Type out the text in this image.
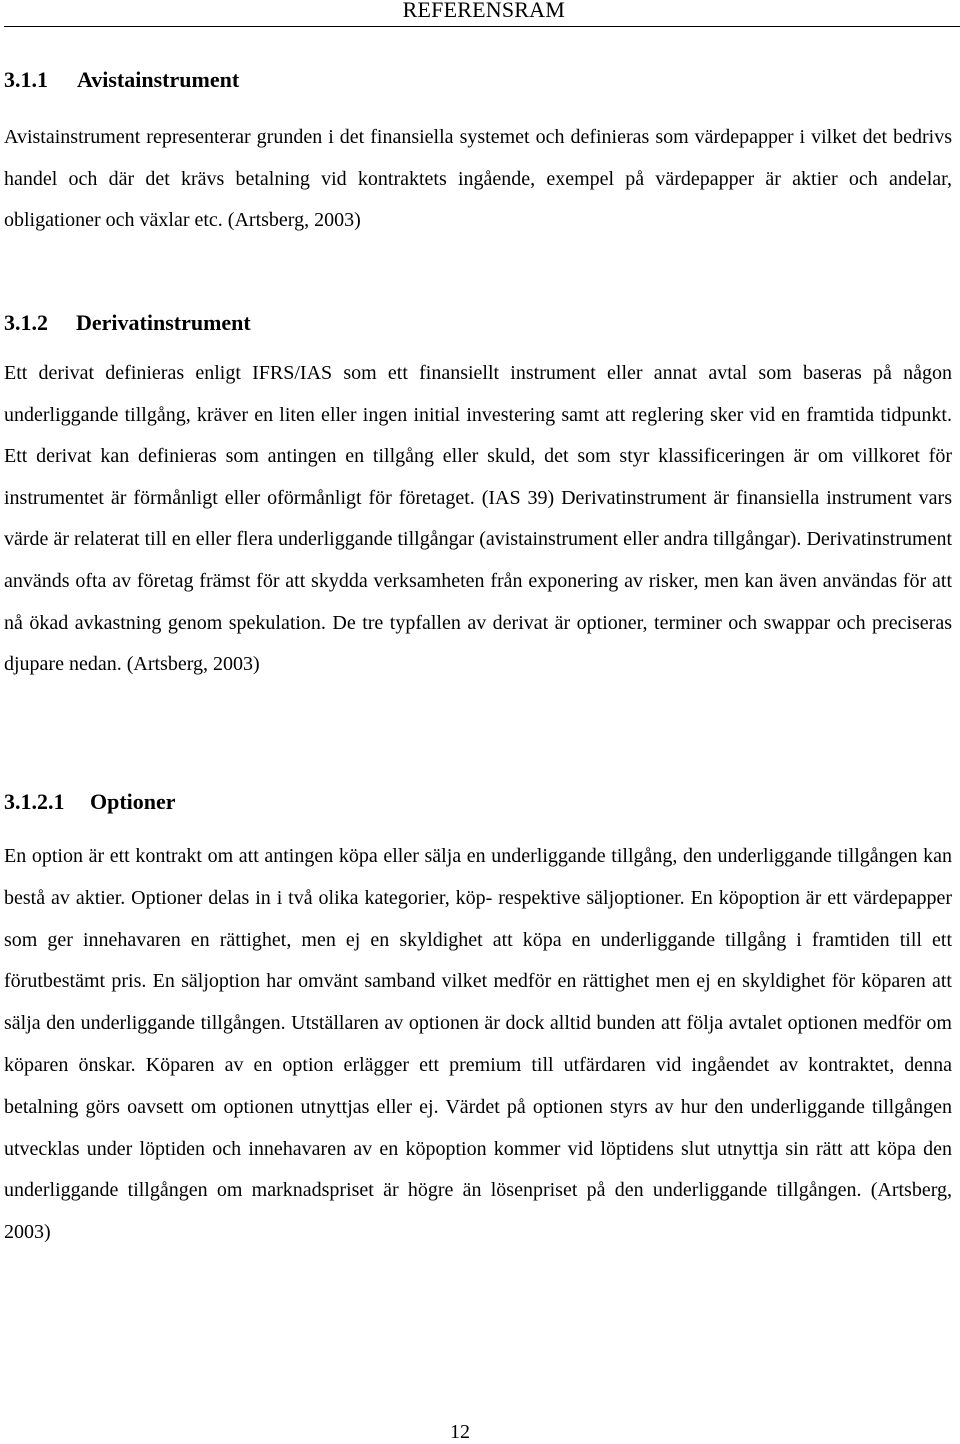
REFERENSRAM
3.1.1 Avistainstrument

Avistainstrument representerar grunden i det finansiella systemet och definieras som värdepapper i vilket det bedrivs handel och där det krävs betalning vid kontraktets ingående, exempel på värdepapper är aktier och andelar, obligationer och växlar etc. (Artsberg, 2003)

3.1.2 Derivatinstrument

Ett derivat definieras enligt IFRS/IAS som ett finansiellt instrument eller annat avtal som baseras på någon underliggande tillgång, kräver en liten eller ingen initial investering samt att reglering sker vid en framtida tidpunkt. Ett derivat kan definieras som antingen en tillgång eller skuld, det som styr klassificeringen är om villkoret för instrumentet är förmånligt eller oförmånligt för företaget. (IAS 39) Derivatinstrument är finansiella instrument vars värde är relaterat till en eller flera underliggande tillgångar (avistainstrument eller andra tillgångar). Derivatinstrument används ofta av företag främst för att skydda verksamheten från exponering av risker, men kan även användas för att nå ökad avkastning genom spekulation. De tre typfallen av derivat är optioner, terminer och swappar och preciseras djupare nedan. (Artsberg, 2003)

3.1.2.1 Optioner

En option är ett kontrakt om att antingen köpa eller sälja en underliggande tillgång, den underliggande tillgången kan bestå av aktier. Optioner delas in i två olika kategorier, köp- respektive säljoptioner. En köpoption är ett värdepapper som ger innehavaren en rättighet, men ej en skyldighet att köpa en underliggande tillgång i framtiden till ett förutbestämt pris. En säljoption har omvänt samband vilket medför en rättighet men ej en skyldighet för köparen att sälja den underliggande tillgången. Utställaren av optionen är dock alltid bunden att följa avtalet optionen medför om köparen önskar. Köparen av en option erlägger ett premium till utfärdaren vid ingåendet av kontraktet, denna betalning görs oavsett om optionen utnyttjas eller ej. Värdet på optionen styrs av hur den underliggande tillgången utvecklas under löptiden och innehavaren av en köpoption kommer vid löptidens slut utnyttja sin rätt att köpa den underliggande tillgången om marknadspriset är högre än lösenpriset på den underliggande tillgången. (Artsberg, 2003)

12
